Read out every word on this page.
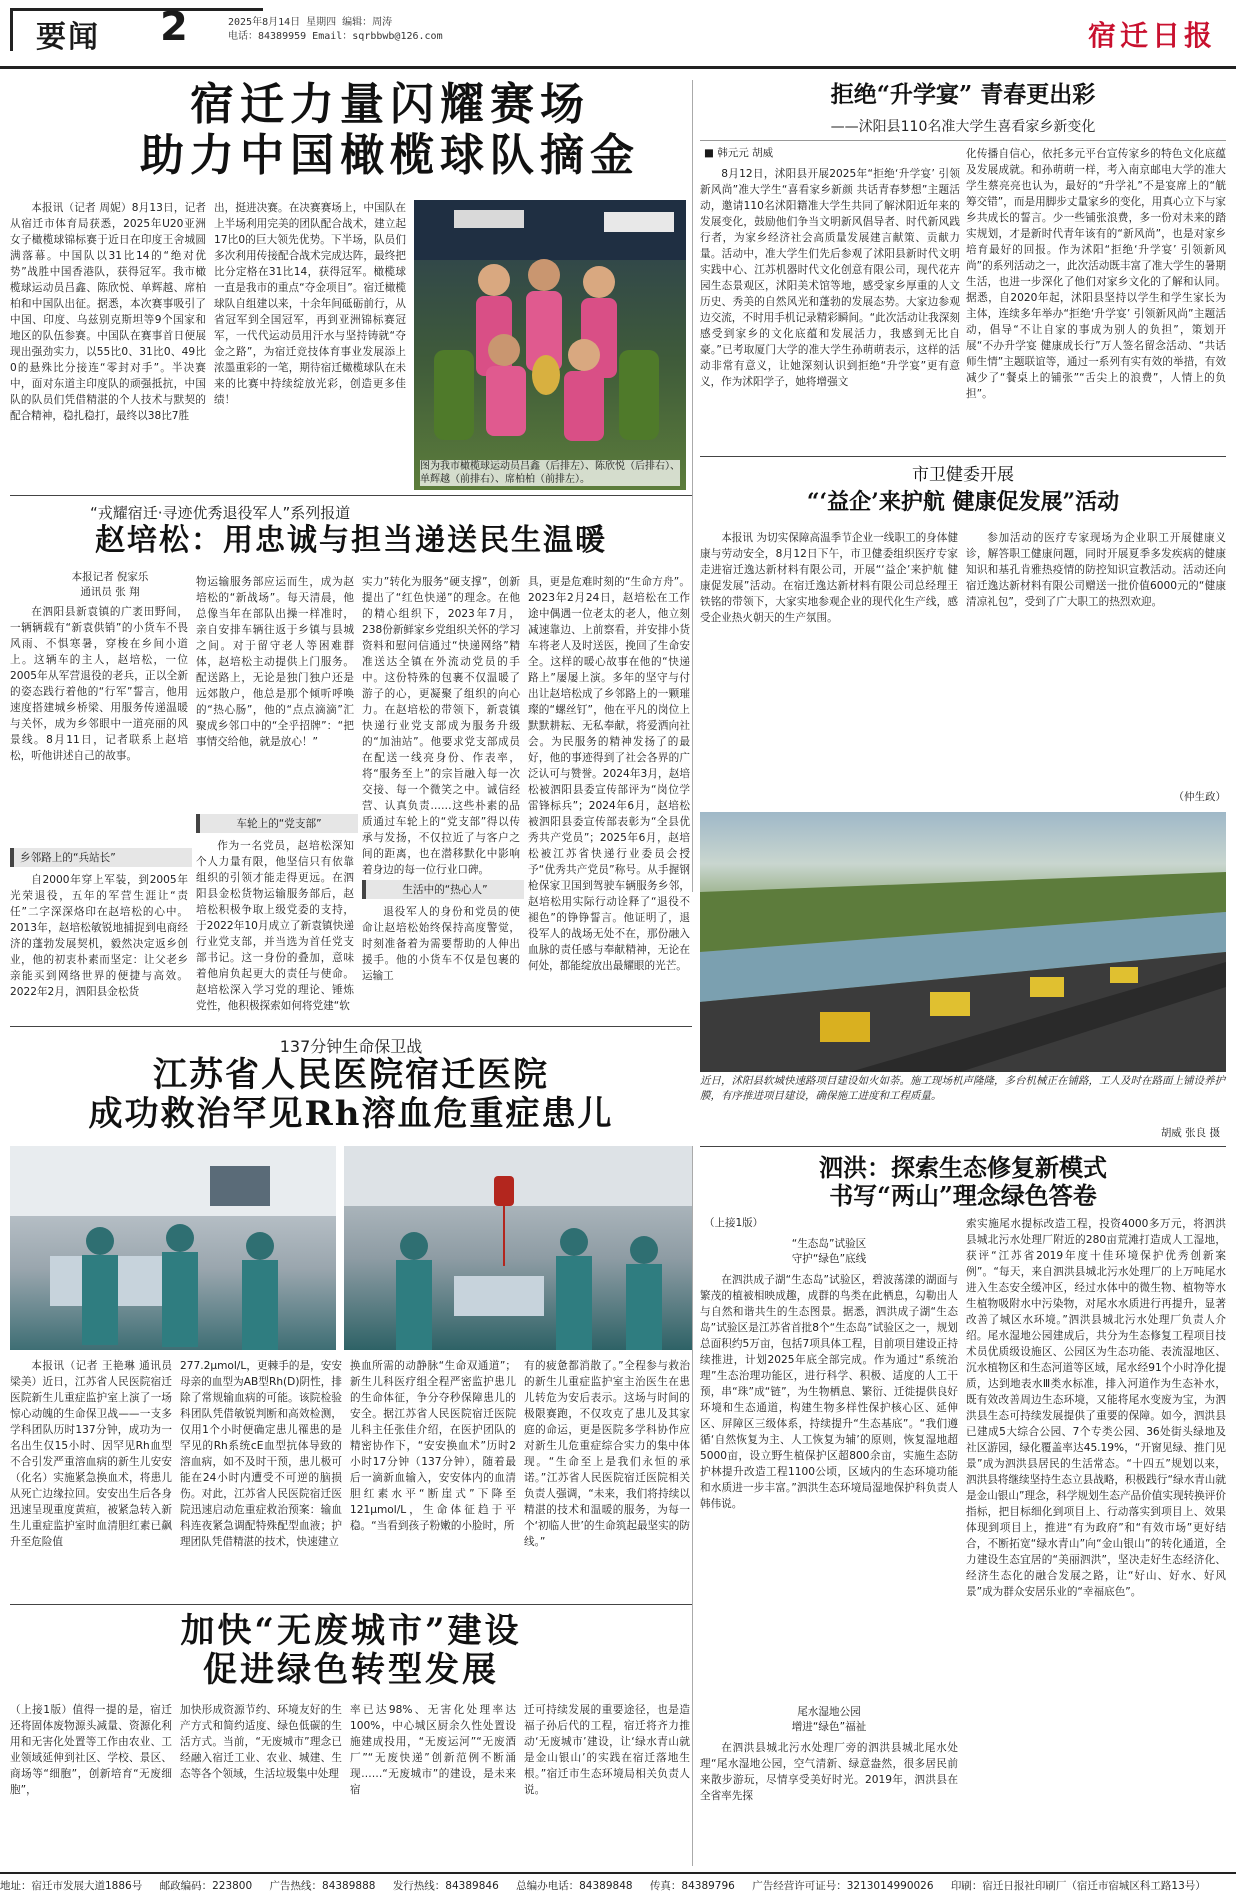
要闻 2	2025年8月14日 星期四 编辑：周涛
电话：84389959 Email：sqrbbwb@126.com	宿迁日报
宿迁力量闪耀赛场
助力中国橄榄球队摘金

本报讯（记者 周妮）8月13日，记者从宿迁市体育局获悉，2025年U20亚洲女子橄榄球锦标赛于近日在印度王舍城圆满落幕。中国队以31比14的“绝对优势”战胜中国香港队，获得冠军。我市橄榄球运动员吕鑫、陈欣悦、单辉越、席柏柏和中国队出征。据悉，本次赛事吸引了中国、印度、乌兹别克斯坦等9个国家和地区的队伍参赛。中国队在赛事首日便展现出强劲实力，以55比0、31比0、49比0的悬殊比分接连“零封对手”。半决赛中，面对东道主印度队的顽强抵抗，中国队的队员们凭借精湛的个人技术与默契的配合精神，稳扎稳打，最终以38比7胜

出，挺进决赛。在决赛赛场上，中国队在上半场利用完美的团队配合战术，建立起17比0的巨大领先优势。下半场，队员们多次利用传接配合战术完成达阵，最终把比分定格在31比14，获得冠军。橄榄球一直是我市的重点“夺金项目”。宿迁橄榄球队自组建以来，十余年间砥砺前行，从省冠军到全国冠军，再到亚洲锦标赛冠军，一代代运动员用汗水与坚持铸就“夺金之路”，为宿迁竞技体育事业发展添上浓墨重彩的一笔，期待宿迁橄榄球队在未来的比赛中持续绽放光彩，创造更多佳绩！

图为我市橄榄球运动员吕鑫（后排左）、陈欣悦（后排右）、单辉越（前排右）、席柏柏（前排左）。
拒绝“升学宴” 青春更出彩
——沭阳县110名准大学生喜看家乡新变化
■ 韩元元 胡威

8月12日，沭阳县开展2025年“拒绝‘升学宴’ 引领新风尚”准大学生“喜看家乡新颜 共话青春梦想”主题活动，邀请110名沭阳籍准大学生共同了解沭阳近年来的发展变化，鼓励他们争当文明新风倡导者、时代新风践行者，为家乡经济社会高质量发展建言献策、贡献力量。活动中，准大学生们先后参观了沭阳县新时代文明实践中心、江苏机器时代文化创意有限公司，现代花卉园生态景观区，沭阳美术馆等地，感受家乡厚重的人文历史、秀美的自然风光和蓬勃的发展态势。大家边参观边交流，不时用手机记录精彩瞬间。“此次活动让我深刻感受到家乡的文化底蕴和发展活力，我感到无比自豪。”已考取厦门大学的准大学生孙萌萌表示，这样的活动非常有意义，让她深刻认识到拒绝“升学宴”更有意义，作为沭阳学子，她将增强文

化传播自信心，依托多元平台宣传家乡的特色文化底蕴及发展成就。和孙萌萌一样，考入南京邮电大学的准大学生蔡亮亮也认为，最好的“升学礼”不是宴席上的“觥筹交错”，而是用脚步丈量家乡的变化，用真心立下与家乡共成长的誓言。少一些铺张浪费，多一份对未来的踏实规划，才是新时代青年该有的“新风尚”，也是对家乡培育最好的回报。作为沭阳“拒绝‘升学宴’ 引领新风尚”的系列活动之一，此次活动既丰富了准大学生的暑期生活，也进一步深化了他们对家乡文化的了解和认同。据悉，自2020年起，沭阳县坚持以学生和学生家长为主体，连续多年举办“拒绝‘升学宴’ 引领新风尚”主题活动，倡导“不让自家的事成为别人的负担”，策划开展“不办升学宴 健康成长行”万人签名留念活动、“共话师生情”主题联谊等，通过一系列有实有效的举措，有效减少了“餐桌上的铺张”“舌尖上的浪费”，人情上的负担”。

“戎耀宿迁·寻迹优秀退役军人”系列报道
赵培松：用忠诚与担当递送民生温暖
本报记者 倪家乐
通讯员 张 翔

在泗阳县新袁镇的广袤田野间，一辆辆载有“新袁供销”的小货车不畏风雨、不惧寒暑，穿梭在乡间小道上。这辆车的主人，赵培松，一位2005年从军营退役的老兵，正以全新的姿态践行着他的“行军”誓言，他用速度搭建城乡桥梁、用服务传递温暖与关怀，成为乡邻眼中一道亮丽的风景线。8月11日，记者联系上赵培松，听他讲述自己的故事。

乡邻路上的“兵站长”

自2000年穿上军装，到2005年光荣退役，五年的军营生涯让“责任”二字深深烙印在赵培松的心中。2013年，赵培松敏锐地捕捉到电商经济的蓬勃发展契机，毅然决定返乡创业，他的初衷朴素而坚定：让父老乡亲能买到网络世界的便捷与高效。2022年2月，泗阳县金松货

物运输服务部应运而生，成为赵培松的“新战场”。每天清晨，他总像当年在部队出操一样准时，亲自安排车辆往返于乡镇与县城之间。对于留守老人等困难群体，赵培松主动提供上门服务。配送路上，无论是独门独户还是远郊散户，他总是那个倾听呼唤的“热心肠”，他的“点点滴滴”汇聚成乡邻口中的“全乎招牌”：“把事情交给他，就是放心！”

车轮上的“党支部”

作为一名党员，赵培松深知个人力量有限，他坚信只有依靠组织的引领才能走得更远。在泗阳县金松货物运输服务部后，赵培松积极争取上级党委的支持，于2022年10月成立了新袁镇快递行业党支部，并当选为首任党支部书记。这一身份的叠加，意味着他肩负起更大的责任与使命。赵培松深入学习党的理论、锤炼党性，他积极探索如何将党建“软

实力”转化为服务“硬支撑”，创新提出了“红色快递”的理念。在他的精心组织下，2023年7月，238份新鲜家乡党组织关怀的学习资料和慰问信通过“快递网络”精准送达全镇在外流动党员的手中。这份特殊的包裹不仅温暖了游子的心，更凝聚了组织的向心力。在赵培松的带领下，新袁镇快递行业党支部成为服务升级的“加油站”。他要求党支部成员在配送一线亮身份、作表率，将“服务至上”的宗旨融入每一次交接、每一个微笑之中。诚信经营、认真负责……这些朴素的品质通过车轮上的“党支部”得以传承与发扬，不仅拉近了与客户之间的距离，也在潜移默化中影响着身边的每一位行业口碑。

生活中的“热心人”

退役军人的身份和党员的使命让赵培松始终保持高度警觉，时刻准备着为需要帮助的人伸出援手。他的小货车不仅是包裹的运输工

具，更是危难时刻的“生命方舟”。2023年2月24日，赵培松在工作途中偶遇一位老太的老人，他立刻减速靠边、上前察看，并安排小货车将老人及时送医，挽回了生命安全。这样的暖心故事在他的“快递路上”屡屡上演。多年的坚守与付出让赵培松成了乡邻路上的一颗璀璨的“螺丝钉”，他在平凡的岗位上默默耕耘、无私奉献，将爱洒向社会。为民服务的精神发扬了的最好，他的事迹得到了社会各界的广泛认可与赞誉。2024年3月，赵培松被泗阳县委宣传部评为“岗位学雷锋标兵”；2024年6月，赵培松被泗阳县委宣传部表彰为“全县优秀共产党员”；2025年6月，赵培松被江苏省快递行业委员会授予“优秀共产党员”称号。从手握钢枪保家卫国到驾驶车辆服务乡邻，赵培松用实际行动诠释了“退役不褪色”的铮铮誓言。他证明了，退役军人的战场无处不在，那份融入血脉的责任感与奉献精神，无论在何处，都能绽放出最耀眼的光芒。

市卫健委开展
“‘益企’来护航 健康促发展”活动

本报讯 为切实保障高温季节企业一线职工的身体健康与劳动安全，8月12日下午，市卫健委组织医疗专家走进宿迁逸达新材料有限公司，开展“‘益企’来护航 健康促发展”活动。在宿迁逸达新材料有限公司总经理王铁铭的带领下，大家实地参观企业的现代化生产线，感受企业热火朝天的生产氛围。

参加活动的医疗专家现场为企业职工开展健康义诊，解答职工健康问题，同时开展夏季多发疾病的健康知识和基孔肯雅热疫情的防控知识宣教活动。活动还向宿迁逸达新材料有限公司赠送一批价值6000元的“健康清凉礼包”，受到了广大职工的热烈欢迎。

（仲生政）
近日，沭阳县软城快速路项目建设如火如荼。施工现场机声隆隆，多台机械正在铺路，工人及时在路面上铺设养护膜，有序推进项目建设，确保施工进度和工程质量。
胡威 张良 摄
137分钟生命保卫战
江苏省人民医院宿迁医院
成功救治罕见Rh溶血危重症患儿

本报讯（记者 王艳琳 通讯员 梁美）近日，江苏省人民医院宿迁医院新生儿重症监护室上演了一场惊心动魄的生命保卫战——一支多学科团队历时137分钟，成功为一名出生仅15小时、因罕见Rh血型不合引发严重溶血病的新生儿安安（化名）实施紧急换血术，将患儿从死亡边缘拉回。安安出生后各身迅速呈现重度黄疸，被紧急转入新生儿重症监护室时血清胆红素已飙升至危险值

277.2μmol/L，更棘手的是，安安母亲的血型为AB型Rh(D)阴性，排除了常规输血病的可能。该院检验科团队凭借敏锐判断和高效检测，仅用1个小时便确定患儿罹患的是罕见的Rh系统cE血型抗体导致的溶血病，如不及时干预，患儿极可能在24小时内遭受不可逆的脑损伤。对此，江苏省人民医院宿迁医院迅速启动危重症救治预案：输血科连夜紧急调配特殊配型血液；护理团队凭借精湛的技术，快速建立

换血所需的动静脉“生命双通道”；新生儿科医疗组全程严密监护患儿的生命体征，争分夺秒保障患儿的安全。据江苏省人民医院宿迁医院儿科主任张佳介绍，在医护团队的精密协作下，“安安换血术”历时2小时17分钟（137分钟），随着最后一滴新血输入，安安体内的血清胆红素水平“断崖式”下降至121μmol/L，生命体征趋于平稳。“当看到孩子粉嫩的小脸时，所

有的疲惫都消散了。”全程参与救治的新生儿重症监护室主治医生在患儿转危为安后表示。这场与时间的极限赛跑，不仅攻克了患儿及其家庭的命运，更是医院多学科协作应对新生儿危重症综合实力的集中体现。“生命至上是我们永恒的承诺。”江苏省人民医院宿迁医院相关负责人强调，“未来，我们将持续以精湛的技术和温暖的服务，为每一个‘初临人世’的生命筑起最坚实的防线。”

加快“无废城市”建设
促进绿色转型发展

（上接1版）值得一提的是，宿迁还将固体废物源头减量、资源化利用和无害化处置等工作由农业、工业领域延伸到社区、学校、景区、商场等“细胞”，创新培育“无废细胞”，

加快形成资源节约、环境友好的生产方式和简约适度、绿色低碳的生活方式。当前，“无废城市”理念已经融入宿迁工业、农业、城建、生态等各个领域，生活垃圾集中处理

率已达98%、无害化处理率达100%，中心城区厨余久性处置设施建成投用，“无废运河”“无废酒厂”“无废快递”创新范例不断涌现……“无废城市”的建设，是未来宿

迁可持续发展的重要途径，也是造福子孙后代的工程，宿迁将齐力推动‘无废城市’建设，让‘绿水青山就是金山银山’的实践在宿迁落地生根。”宿迁市生态环境局相关负责人说。

泗洪：探索生态修复新模式
书写“两山”理念绿色答卷
（上接1版）
“生态岛”试验区
守护“绿色”底线

在泗洪成子湖“生态岛”试验区，碧波荡漾的湖面与繁茂的植被相映成趣，成群的鸟类在此栖息，勾勒出人与自然和谐共生的生态图景。据悉，泗洪成子湖“生态岛”试验区是江苏省首批8个“生态岛”试验区之一，规划总面积约5万亩，包括7项具体工程，目前项目建设正持续推进，计划2025年底全部完成。作为通过“系统治理”生态治理功能区，进行科学、积极、适度的人工干预，串“珠”成“链”，为生物栖息、繁衍、迁徙提供良好环境和生态通道，构建生物多样性保护核心区、延伸区、屏障区三级体系，持续提升“生态基底”。“我们遵循‘自然恢复为主、人工恢复为辅’的原则，恢复湿地超5000亩，设立野生植保护区超800余亩，实施生态防护林提升改造工程1100公顷，区域内的生态环境功能和水质进一步丰富。”泗洪生态环境局湿地保护科负责人韩伟说。

尾水湿地公园
增进“绿色”福祉

在泗洪县城北污水处理厂旁的泗洪县城北尾水处理“尾水湿地公园，空气清新、绿意盎然，很多居民前来散步游玩，尽情享受美好时光。2019年，泗洪县在全省率先探

索实施尾水提标改造工程，投资4000多万元，将泗洪县城北污水处理厂附近的280亩荒滩打造成人工湿地，获评“江苏省2019年度十佳环境保护优秀创新案例”。“每天，来自泗洪县城北污水处理厂的上万吨尾水进入生态安全缓冲区，经过水体中的微生物、植物等水生植物吸附水中污染物，对尾水水质进行再提升，显著改善了城区水环境。”泗洪县城北污水处理厂负责人介绍。尾水湿地公园建成后，共分为生态修复工程项目技术员优质级设施区、公园区为生态功能、表流湿地区、沉水植物区和生态河道等区域，尾水经91个小时净化提质，达到地表水Ⅲ类水标准，排入河道作为生态补水，既有效改善周边生态环境，又能将尾水变废为宝，为泗洪县生态可持续发展提供了重要的保障。如今，泗洪县已建成5大综合公园、7个专类公园、36处街头绿地及社区游园，绿化覆盖率达45.19%，“开窗见绿、推门见景”成为泗洪县居民的生活常态。“十四五”规划以来，泗洪县将继续坚持生态立县战略，积极践行“绿水青山就是金山银山”理念，科学规划生态产品价值实现转换评价指标，把目标细化到项目上、行动落实到项目上、效果体现到项目上，推进“有为政府”和“有效市场”更好结合，不断拓宽“绿水青山”向“金山银山”的转化通道，全力建设生态宜居的“美丽泗洪”，坚决走好生态经济化、经济生态化的融合发展之路，让“好山、好水、好风景”成为群众安居乐业的“幸福底色”。

地址：宿迁市发展大道1886号 邮政编码：223800 广告热线：84389888 发行热线：84389846 总编办电话：84389848 传真：84389796 广告经营许可证号：3213014990026 印刷：宿迁日报社印刷厂（宿迁市宿城区科工路13号）
